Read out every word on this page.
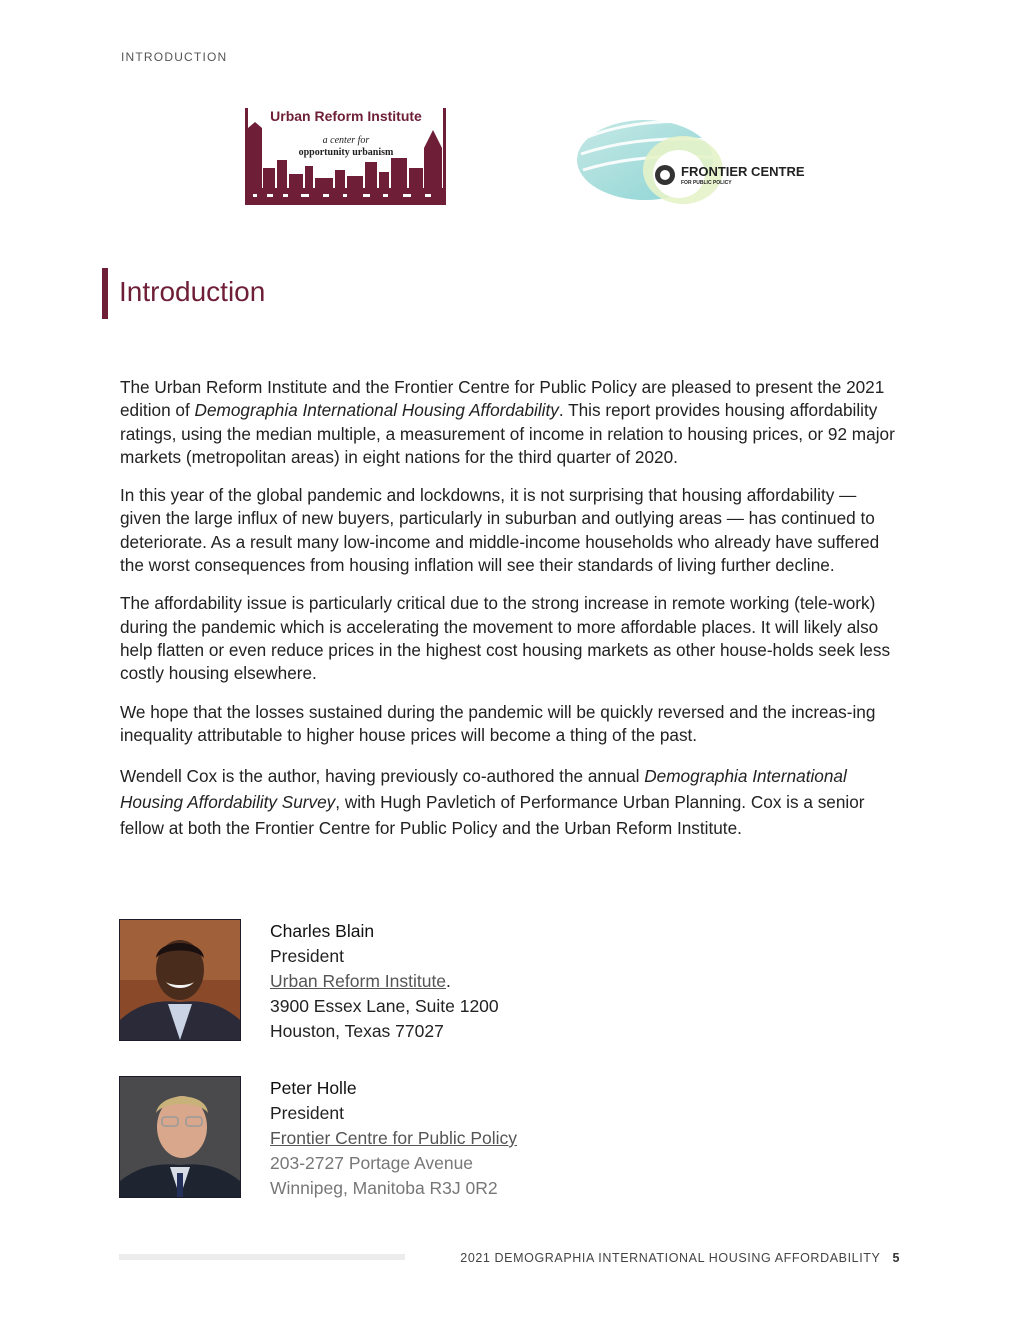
INTRODUCTION
Urban Reform Institute
a center for
opportunity urbanism
FRONTIER CENTRE
FOR PUBLIC POLICY
Introduction

The Urban Reform Institute and the Frontier Centre for Public Policy are pleased to present the 2021 edition of Demographia International Housing Affordability. This report provides housing affordability ratings, using the median multiple, a measurement of income in relation to housing prices, or 92 major markets (metropolitan areas) in eight nations for the third quarter of 2020.

In this year of the global pandemic and lockdowns, it is not surprising that housing affordability — given the large influx of new buyers, particularly in suburban and outlying areas — has continued to deteriorate. As a result many low-income and middle-income households who already have suffered the worst consequences from housing inflation will see their standards of living further decline.

The affordability issue is particularly critical due to the strong increase in remote working (tele-work) during the pandemic which is accelerating the movement to more affordable places. It will likely also help flatten or even reduce prices in the highest cost housing markets as other house-holds seek less costly housing elsewhere.

We hope that the losses sustained during the pandemic will be quickly reversed and the increas-ing inequality attributable to higher house prices will become a thing of the past.

Wendell Cox is the author, having previously co-authored the annual Demographia International Housing Affordability Survey, with Hugh Pavletich of Performance Urban Planning. Cox is a senior fellow at both the Frontier Centre for Public Policy and the Urban Reform Institute.

Charles Blain
President
Urban Reform Institute.
3900 Essex Lane, Suite 1200
Houston, Texas 77027
Peter Holle
President
Frontier Centre for Public Policy
203-2727 Portage Avenue
Winnipeg, Manitoba R3J 0R2
2021 DEMOGRAPHIA INTERNATIONAL HOUSING AFFORDABILITY 5
